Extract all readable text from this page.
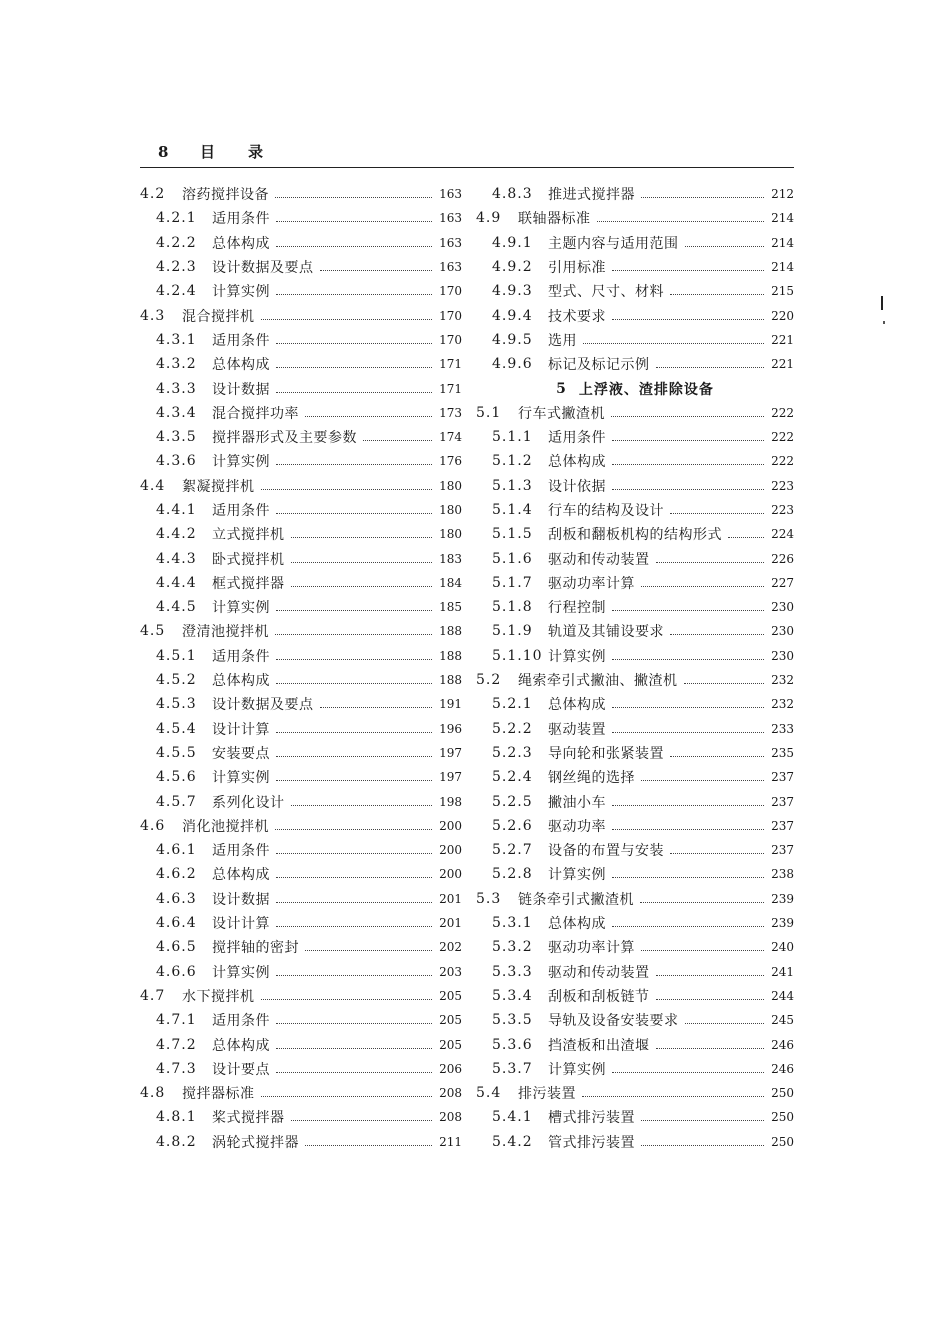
8 目 录
4.2	溶药搅拌设备	163
4.2.1	适用条件	163
4.2.2	总体构成	163
4.2.3	设计数据及要点	163
4.2.4	计算实例	170
4.3	混合搅拌机	170
4.3.1	适用条件	170
4.3.2	总体构成	171
4.3.3	设计数据	171
4.3.4	混合搅拌功率	173
4.3.5	搅拌器形式及主要参数	174
4.3.6	计算实例	176
4.4	絮凝搅拌机	180
4.4.1	适用条件	180
4.4.2	立式搅拌机	180
4.4.3	卧式搅拌机	183
4.4.4	框式搅拌器	184
4.4.5	计算实例	185
4.5	澄清池搅拌机	188
4.5.1	适用条件	188
4.5.2	总体构成	188
4.5.3	设计数据及要点	191
4.5.4	设计计算	196
4.5.5	安装要点	197
4.5.6	计算实例	197
4.5.7	系列化设计	198
4.6	消化池搅拌机	200
4.6.1	适用条件	200
4.6.2	总体构成	200
4.6.3	设计数据	201
4.6.4	设计计算	201
4.6.5	搅拌轴的密封	202
4.6.6	计算实例	203
4.7	水下搅拌机	205
4.7.1	适用条件	205
4.7.2	总体构成	205
4.7.3	设计要点	206
4.8	搅拌器标准	208
4.8.1	桨式搅拌器	208
4.8.2	涡轮式搅拌器	211
4.8.3	推进式搅拌器	212
4.9	联轴器标准	214
4.9.1	主题内容与适用范围	214
4.9.2	引用标准	214
4.9.3	型式、尺寸、材料	215
4.9.4	技术要求	220
4.9.5	选用	221
4.9.6	标记及标记示例	221
5 上浮液、渣排除设备
5.1	行车式撇渣机	222
5.1.1	适用条件	222
5.1.2	总体构成	222
5.1.3	设计依据	223
5.1.4	行车的结构及设计	223
5.1.5	刮板和翻板机构的结构形式	224
5.1.6	驱动和传动装置	226
5.1.7	驱动功率计算	227
5.1.8	行程控制	230
5.1.9	轨道及其铺设要求	230
5.1.10 计算实例	230
5.2	绳索牵引式撇油、撇渣机	232
5.2.1	总体构成	232
5.2.2	驱动装置	233
5.2.3	导向轮和张紧装置	235
5.2.4	钢丝绳的选择	237
5.2.5	撇油小车	237
5.2.6	驱动功率	237
5.2.7	设备的布置与安装	237
5.2.8	计算实例	238
5.3	链条牵引式撇渣机	239
5.3.1	总体构成	239
5.3.2	驱动功率计算	240
5.3.3	驱动和传动装置	241
5.3.4	刮板和刮板链节	244
5.3.5	导轨及设备安装要求	245
5.3.6	挡渣板和出渣堰	246
5.3.7	计算实例	246
5.4	排污装置	250
5.4.1	槽式排污装置	250
5.4.2	管式排污装置	250
